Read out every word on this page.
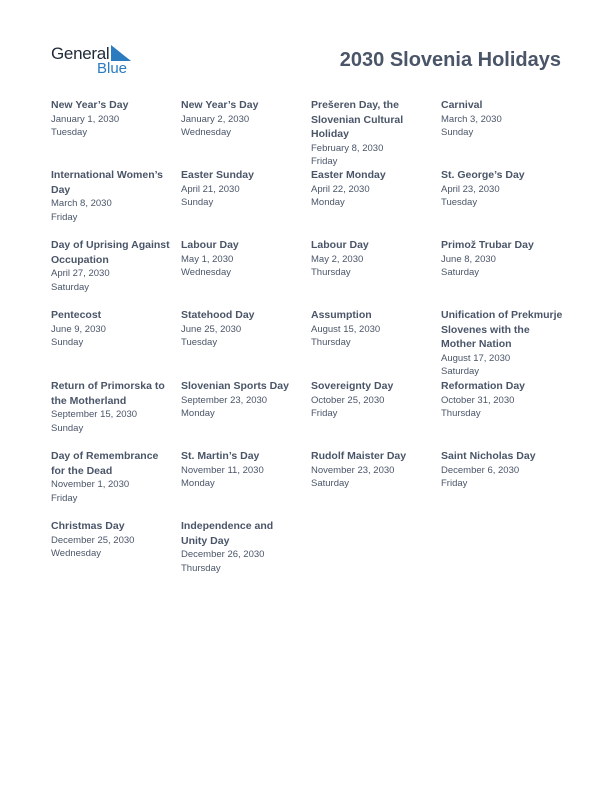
General
Blue	2030 Slovenia Holidays
New Year’s Day
January 1, 2030
Tuesday
New Year’s Day
January 2, 2030
Wednesday
Prešeren Day, the Slovenian Cultural Holiday
February 8, 2030
Friday
Carnival
March 3, 2030
Sunday
International Women’s Day
March 8, 2030
Friday
Easter Sunday
April 21, 2030
Sunday
Easter Monday
April 22, 2030
Monday
St. George’s Day
April 23, 2030
Tuesday
Day of Uprising Against Occupation
April 27, 2030
Saturday
Labour Day
May 1, 2030
Wednesday
Labour Day
May 2, 2030
Thursday
Primož Trubar Day
June 8, 2030
Saturday
Pentecost
June 9, 2030
Sunday
Statehood Day
June 25, 2030
Tuesday
Assumption
August 15, 2030
Thursday
Unification of Prekmurje Slovenes with the Mother Nation
August 17, 2030
Saturday
Return of Primorska to the Motherland
September 15, 2030
Sunday
Slovenian Sports Day
September 23, 2030
Monday
Sovereignty Day
October 25, 2030
Friday
Reformation Day
October 31, 2030
Thursday
Day of Remembrance for the Dead
November 1, 2030
Friday
St. Martin’s Day
November 11, 2030
Monday
Rudolf Maister Day
November 23, 2030
Saturday
Saint Nicholas Day
December 6, 2030
Friday
Christmas Day
December 25, 2030
Wednesday
Independence and Unity Day
December 26, 2030
Thursday
